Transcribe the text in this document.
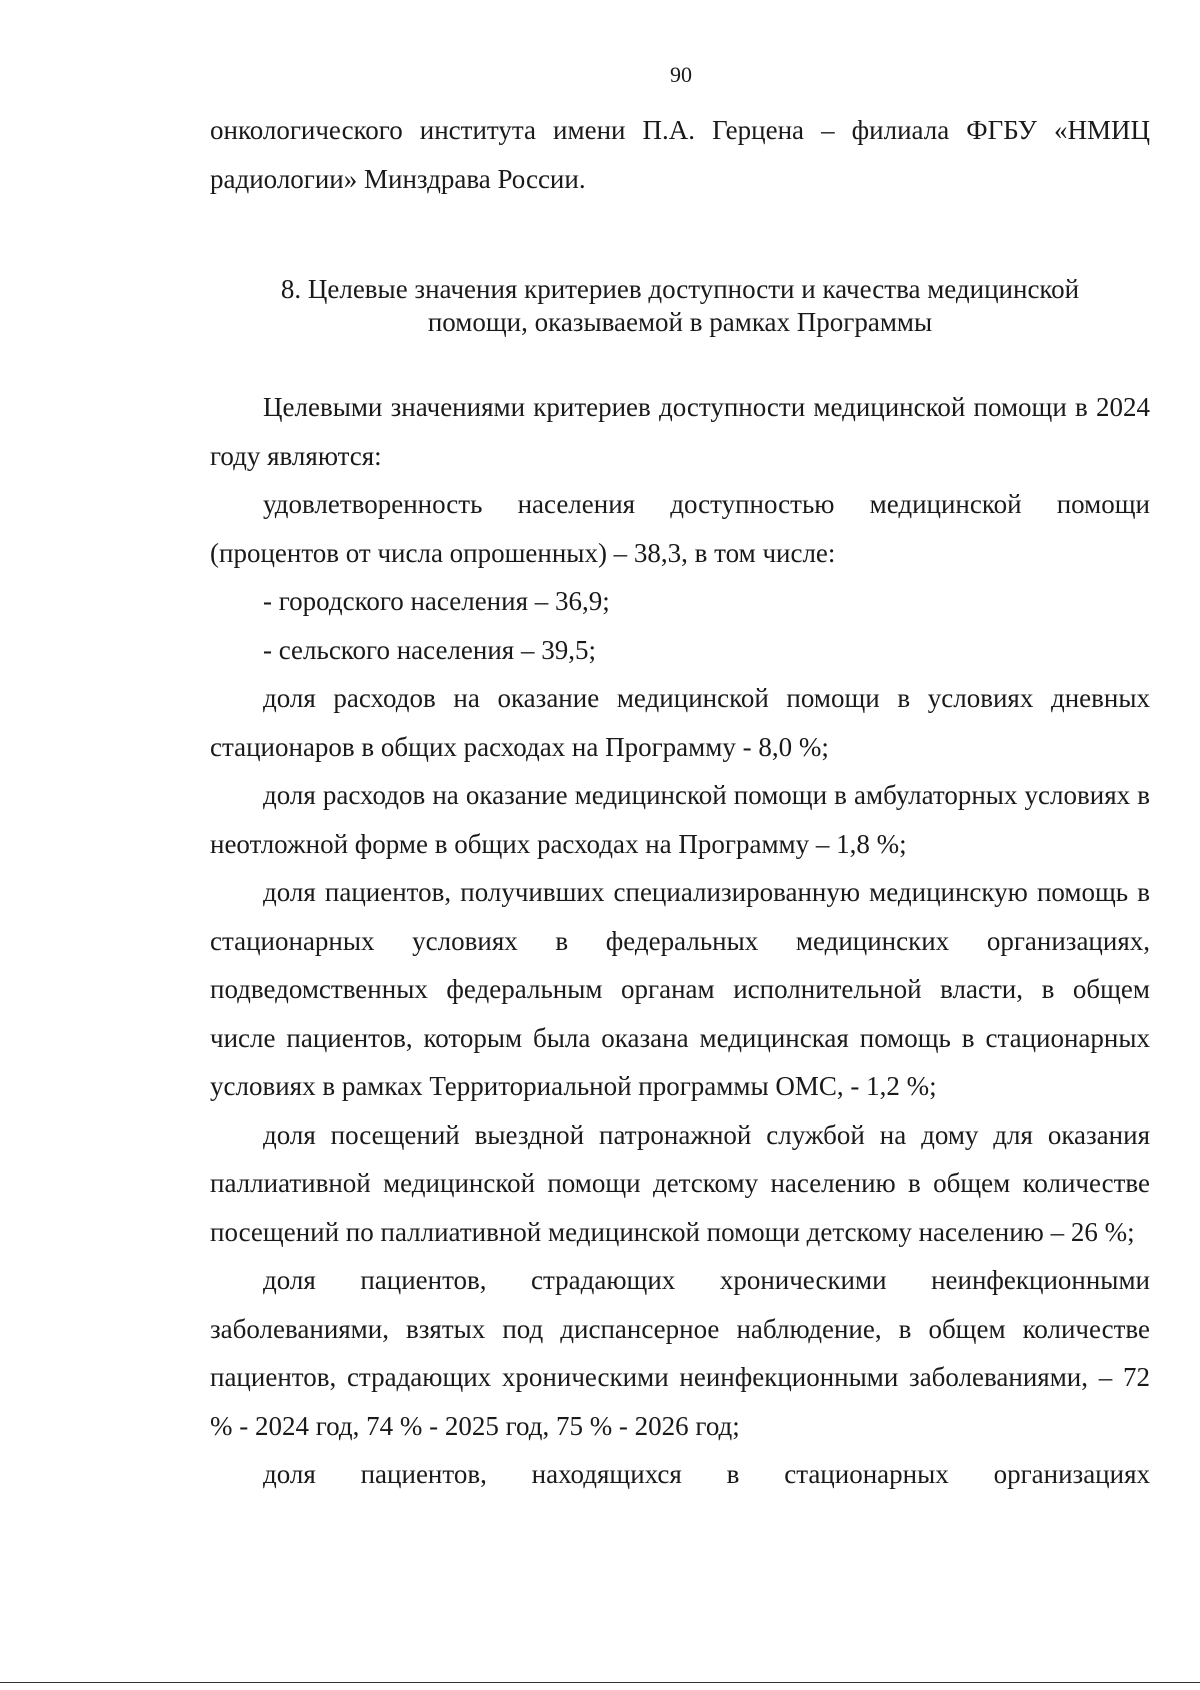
90

онкологического института имени П.А. Герцена – филиала ФГБУ «НМИЦ радиологии» Минздрава России.

8. Целевые значения критериев доступности и качества медицинской
помощи, оказываемой в рамках Программы

Целевыми значениями критериев доступности медицинской помощи в 2024 году являются:

удовлетворенность населения доступностью медицинской помощи (процентов от числа опрошенных) – 38,3, в том числе:

- городского населения – 36,9;

- сельского населения – 39,5;

доля расходов на оказание медицинской помощи в условиях дневных стационаров в общих расходах на Программу - 8,0 %;

доля расходов на оказание медицинской помощи в амбулаторных условиях в неотложной форме в общих расходах на Программу – 1,8 %;

доля пациентов, получивших специализированную медицинскую помощь в стационарных условиях в федеральных медицинских организациях, подведомственных федеральным органам исполнительной власти, в общем числе пациентов, которым была оказана медицинская помощь в стационарных условиях в рамках Территориальной программы ОМС, - 1,2 %;

доля посещений выездной патронажной службой на дому для оказания паллиативной медицинской помощи детскому населению в общем количестве посещений по паллиативной медицинской помощи детскому населению – 26 %;

доля пациентов, страдающих хроническими неинфекционными заболеваниями, взятых под диспансерное наблюдение, в общем количестве пациентов, страдающих хроническими неинфекционными заболеваниями, – 72 % - 2024 год, 74 % - 2025 год, 75 % - 2026 год;

доля пациентов, находящихся в стационарных организациях
